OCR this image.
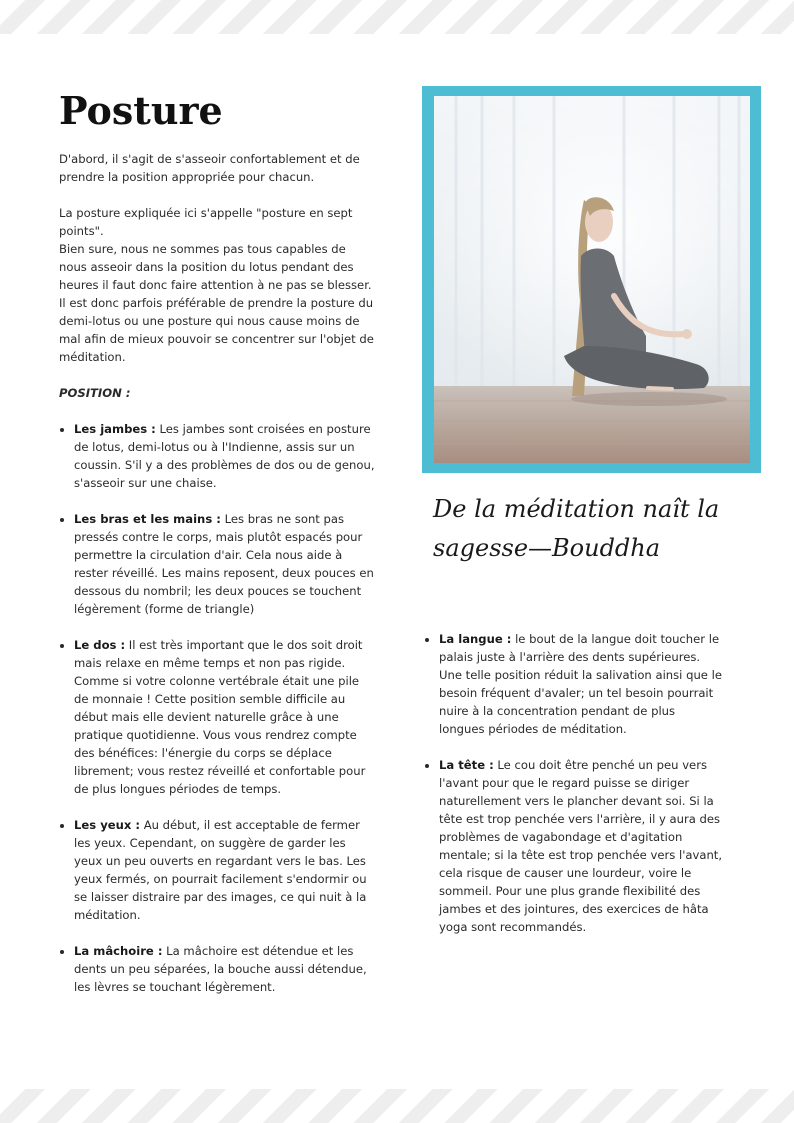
Posture

D'abord, il s'agit de s'asseoir confortablement et de prendre la position appropriée pour chacun.

La posture expliquée ici s'appelle "posture en sept points".

Bien sure, nous ne sommes pas tous capables de nous asseoir dans la position du lotus pendant des heures il faut donc faire attention à ne pas se blesser.

Il est donc parfois préférable de prendre la posture du demi-lotus ou une posture qui nous cause moins de mal afin de mieux pouvoir se concentrer sur l'objet de méditation.

POSITION :

• Les jambes : Les jambes sont croisées en posture de lotus, demi-lotus ou à l'Indienne, assis sur un coussin. S'il y a des problèmes de dos ou de genou, s'asseoir sur une chaise.
• Les bras et les mains : Les bras ne sont pas pressés contre le corps, mais plutôt espacés pour permettre la circulation d'air. Cela nous aide à rester réveillé. Les mains reposent, deux pouces en dessous du nombril; les deux pouces se touchent légèrement (forme de triangle)
• Le dos : Il est très important que le dos soit droit mais relaxe en même temps et non pas rigide. Comme si votre colonne vertébrale était une pile de monnaie ! Cette position semble difficile au début mais elle devient naturelle grâce à une pratique quotidienne. Vous vous rendrez compte des bénéfices: l'énergie du corps se déplace librement; vous restez réveillé et confortable pour de plus longues périodes de temps.
• Les yeux : Au début, il est acceptable de fermer les yeux. Cependant, on suggère de garder les yeux un peu ouverts en regardant vers le bas. Les yeux fermés, on pourrait facilement s'endormir ou se laisser distraire par des images, ce qui nuit à la méditation.
• La mâchoire : La mâchoire est détendue et les dents un peu séparées, la bouche aussi détendue, les lèvres se touchant légèrement.
De la méditation naît la sagesse—Bouddha
• La langue : le bout de la langue doit toucher le palais juste à l'arrière des dents supérieures. Une telle position réduit la salivation ainsi que le besoin fréquent d'avaler; un tel besoin pourrait nuire à la concentration pendant de plus longues périodes de méditation.
• La tête : Le cou doit être penché un peu vers l'avant pour que le regard puisse se diriger naturellement vers le plancher devant soi. Si la tête est trop penchée vers l'arrière, il y aura des problèmes de vagabondage et d'agitation mentale; si la tête est trop penchée vers l'avant, cela risque de causer une lourdeur, voire le sommeil. Pour une plus grande flexibilité des jambes et des jointures, des exercices de hâta yoga sont recommandés.
